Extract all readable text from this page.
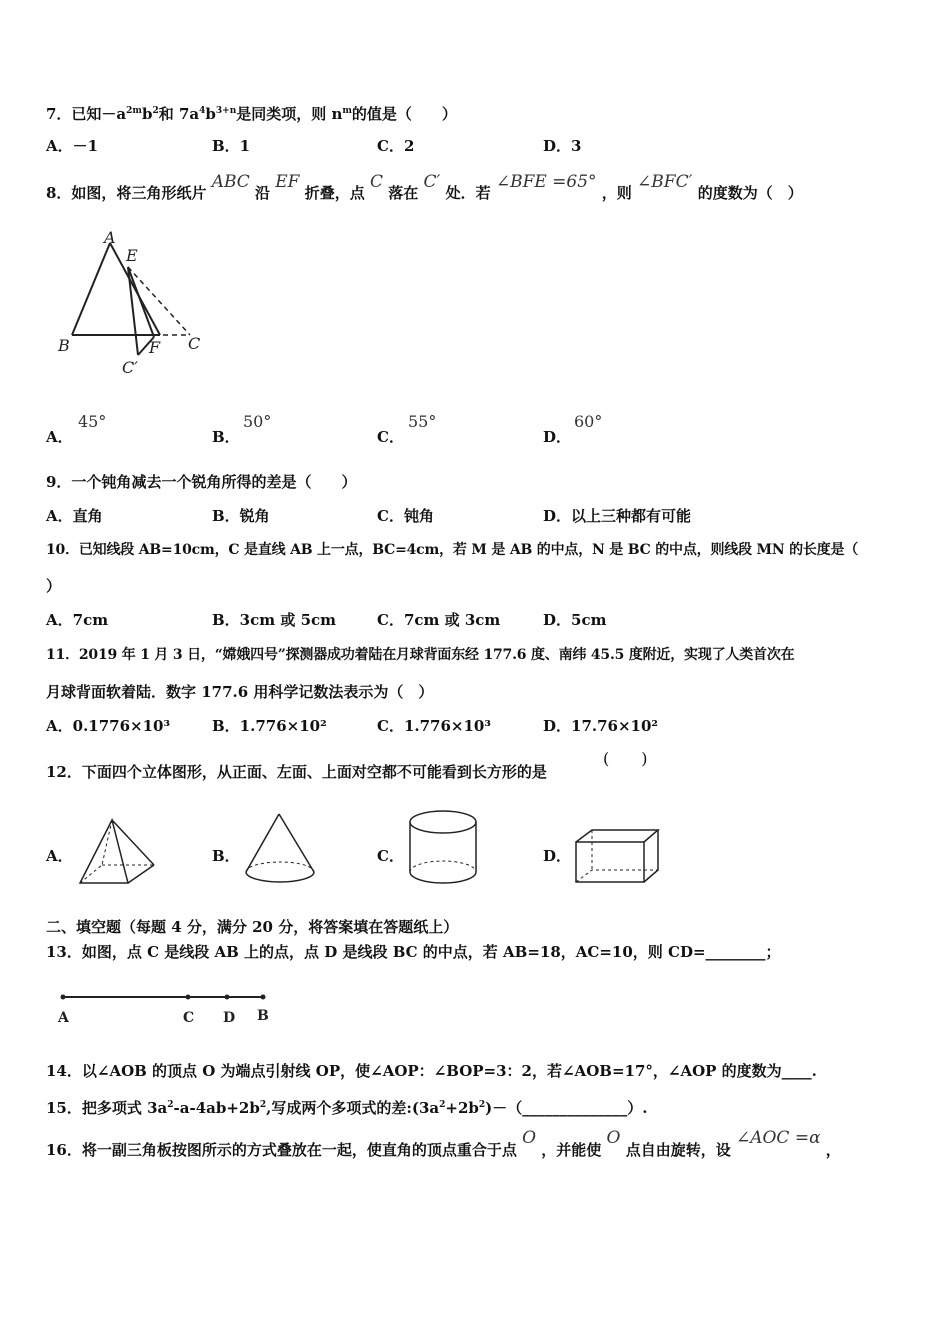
7．已知$-a^{2m}b^2$和 $7a^4b^{3+n}$是同类项，则 $n^m$的值是（　　）
A．－1	B．1	C．2	D．3
8．如图，将三角形纸片 ABC 沿 EF 折叠，点 C 落在 C′ 处．若 ∠BFE =65° ，则 ∠BFC′ 的度数为（　）
A
E
B	C
F
C′
A．
45°
B．
50°
C．
55°
D．
60°
9．一个钝角减去一个锐角所得的差是（　　）
A．直角	B．锐角	C．钝角	D．以上三种都有可能
10．已知线段 AB=10cm，C 是直线 AB 上一点，BC=4cm，若 M 是 AB 的中点，N 是 BC 的中点，则线段 MN 的长度是（
）
A．7cm	B．3cm 或 5cm	C．7cm 或 3cm	D．5cm
11．2019 年 1 月 3 日，“嫦娥四号”探测器成功着陆在月球背面东经 177.6 度、南纬 45.5 度附近，实现了人类首次在
月球背面软着陆．数字 177.6 用科学记数法表示为（　）
A．0.1776×10³	B．1.776×10²	C．1.776×10³	D．17.76×10²
12．下面四个立体图形，从正面、左面、上面对空都不可能看到长方形的是
(　　)
A．	B．	C．	D．
二、填空题（每题 4 分，满分 20 分，将答案填在答题纸上）
13．如图，点 C 是线段 AB 上的点，点 D 是线段 BC 的中点，若 AB=18，AC=10，则 CD=________；
A	C D B
14．以∠AOB 的顶点 O 为端点引射线 OP，使∠AOP：∠BOP=3：2，若∠AOB=17°，∠AOP 的度数为____.
15．把多项式 $3a^2-a-4ab+2b^2$,写成两个多项式的差$:(3a^2+2b^2)-(\_\_\_\_\_\_\_\_\_\_\_\_\_\_)$.
16．将一副三角板按图所示的方式叠放在一起，使直角的顶点重合于点 O ，并能使 O 点自由旋转，设 ∠AOC =α ，
